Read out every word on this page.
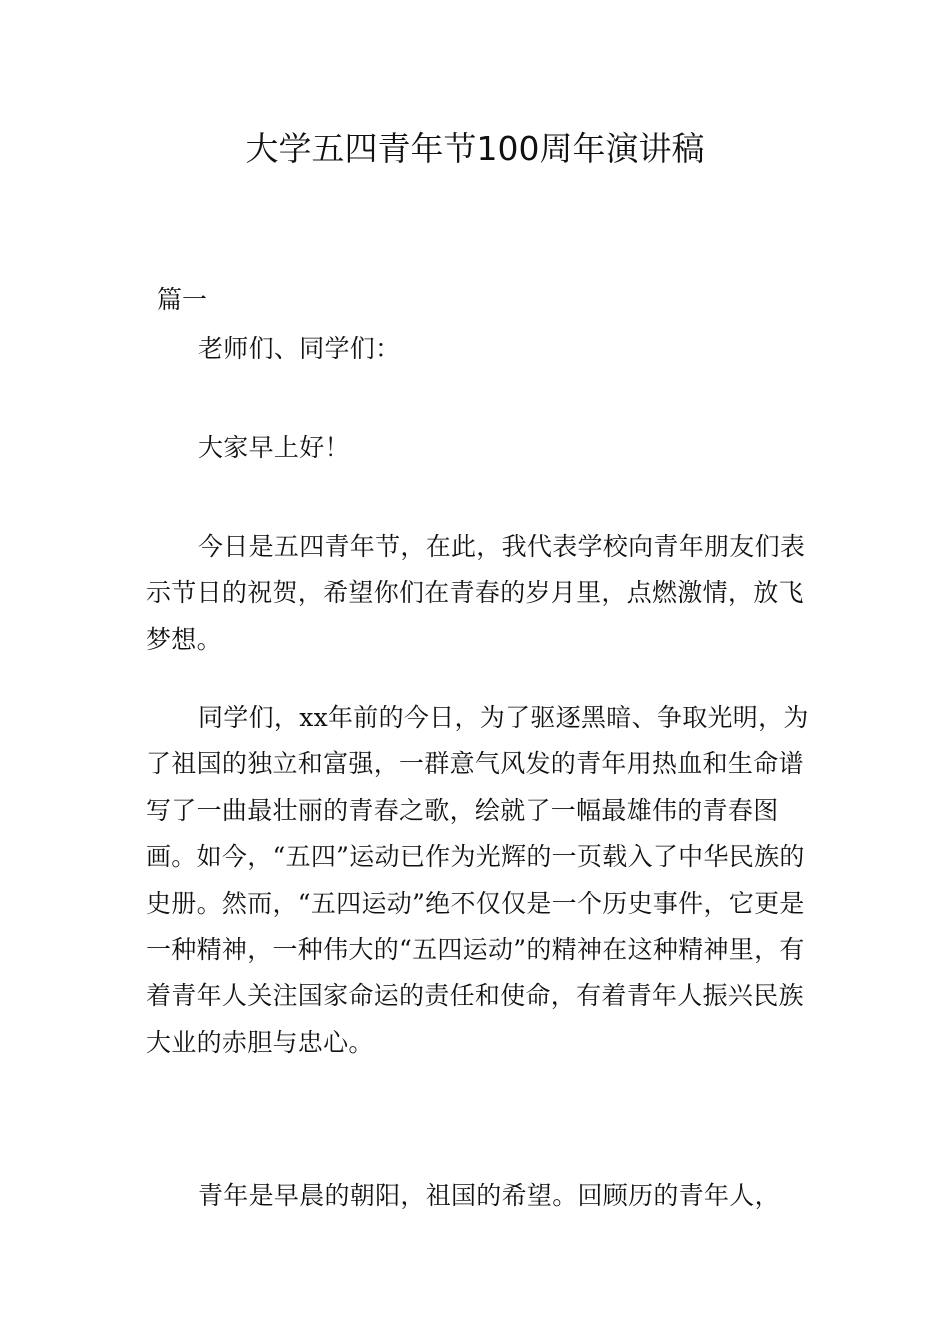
大学五四青年节100周年演讲稿

篇一

老师们、同学们：

大家早上好！

今日是五四青年节，在此，我代表学校向青年朋友们表示节日的祝贺，希望你们在青春的岁月里，点燃激情，放飞梦想。

同学们，xx年前的今日，为了驱逐黑暗、争取光明，为了祖国的独立和富强，一群意气风发的青年用热血和生命谱写了一曲最壮丽的青春之歌，绘就了一幅最雄伟的青春图画。如今，“五四”运动已作为光辉的一页载入了中华民族的史册。然而，“五四运动”绝不仅仅是一个历史事件，它更是一种精神，一种伟大的“五四运动”的精神在这种精神里，有着青年人关注国家命运的责任和使命，有着青年人振兴民族大业的赤胆与忠心。

青年是早晨的朝阳，祖国的希望。回顾历的青年人，
